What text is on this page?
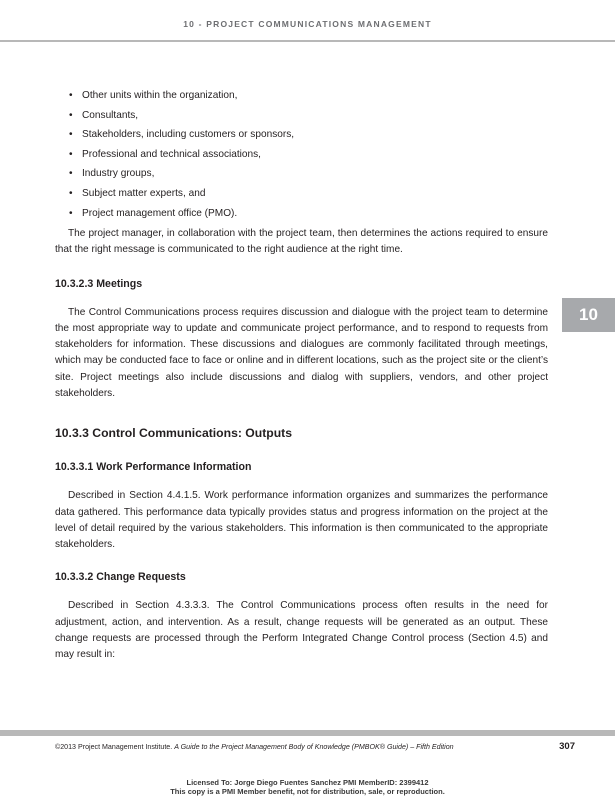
10 - PROJECT COMMUNICATIONS MANAGEMENT
10
• Other units within the organization,
• Consultants,
• Stakeholders, including customers or sponsors,
• Professional and technical associations,
• Industry groups,
• Subject matter experts, and
• Project management office (PMO).

The project manager, in collaboration with the project team, then determines the actions required to ensure that the right message is communicated to the right audience at the right time.

10.3.2.3 Meetings

The Control Communications process requires discussion and dialogue with the project team to determine the most appropriate way to update and communicate project performance, and to respond to requests from stakeholders for information. These discussions and dialogues are commonly facilitated through meetings, which may be conducted face to face or online and in different locations, such as the project site or the client’s site. Project meetings also include discussions and dialog with suppliers, vendors, and other project stakeholders.

10.3.3 Control Communications: Outputs
10.3.3.1 Work Performance Information

Described in Section 4.4.1.5. Work performance information organizes and summarizes the performance data gathered. This performance data typically provides status and progress information on the project at the level of detail required by the various stakeholders. This information is then communicated to the appropriate stakeholders.

10.3.3.2 Change Requests

Described in Section 4.3.3.3. The Control Communications process often results in the need for adjustment, action, and intervention. As a result, change requests will be generated as an output. These change requests are processed through the Perform Integrated Change Control process (Section 4.5) and may result in:

©2013 Project Management Institute. A Guide to the Project Management Body of Knowledge (PMBOK® Guide) – Fifth Edition	307
Licensed To: Jorge Diego Fuentes Sanchez PMI MemberID: 2399412
This copy is a PMI Member benefit, not for distribution, sale, or reproduction.
